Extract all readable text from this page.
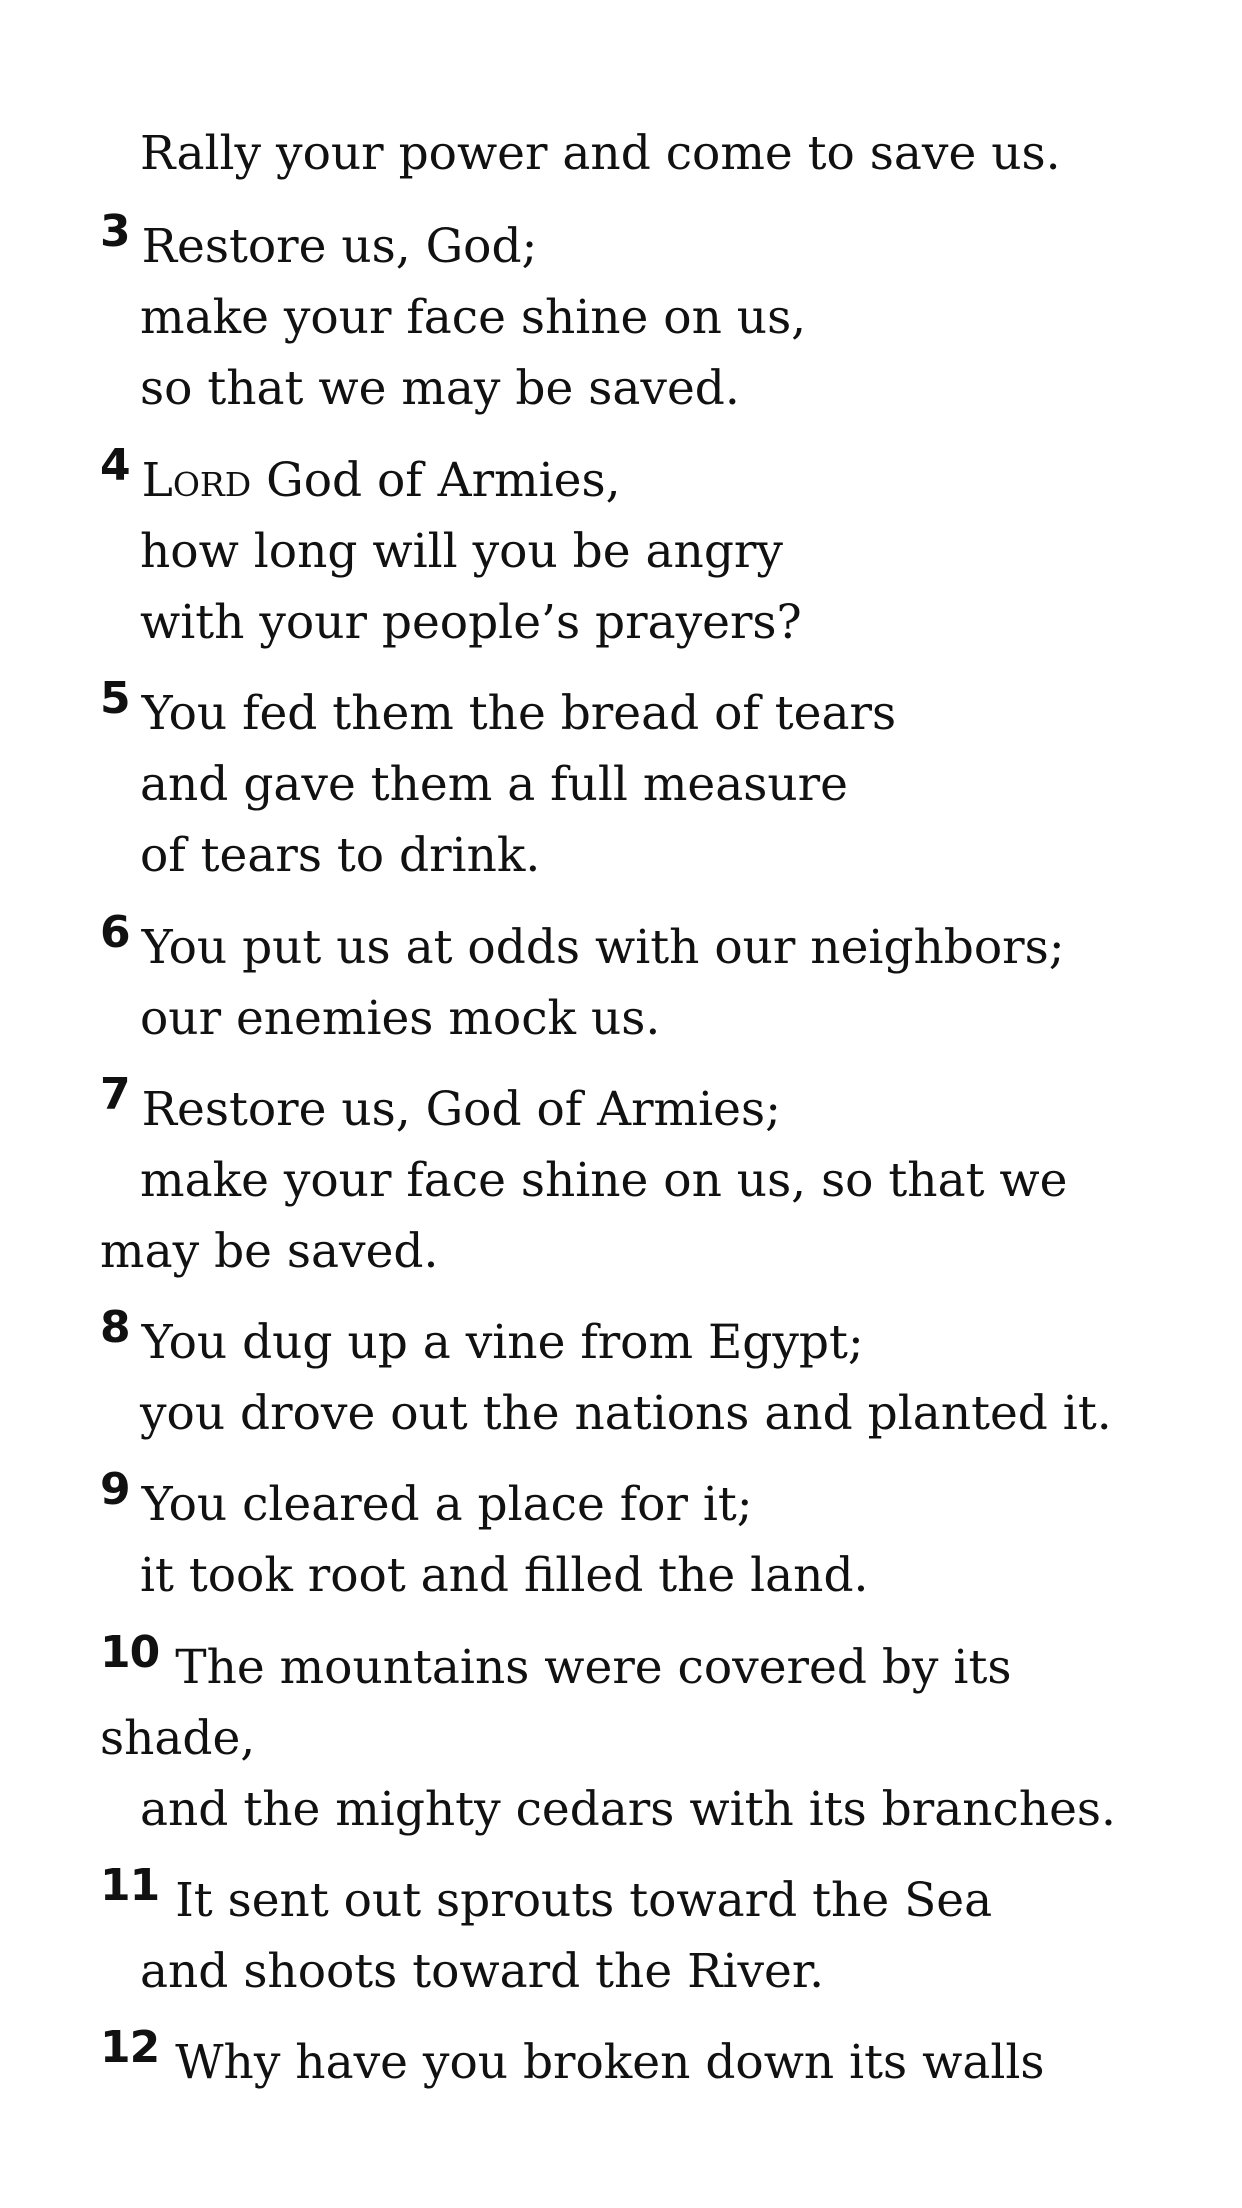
Rally your power and come to save us.
3 Restore us, God;
make your face shine on us,
so that we may be saved.
4 Lord God of Armies,
how long will you be angry
with your people’s prayers?
5 You fed them the bread of tears
and gave them a full measure
of tears to drink.
6 You put us at odds with our neighbors;
our enemies mock us.
7 Restore us, God of Armies;
make your face shine on us, so that we
may be saved.
8 You dug up a vine from Egypt;
you drove out the nations and planted it.
9 You cleared a place for it;
it took root and filled the land.
10 The mountains were covered by its
shade,
and the mighty cedars with its branches.
11 It sent out sprouts toward the Sea
and shoots toward the River.
12 Why have you broken down its walls
